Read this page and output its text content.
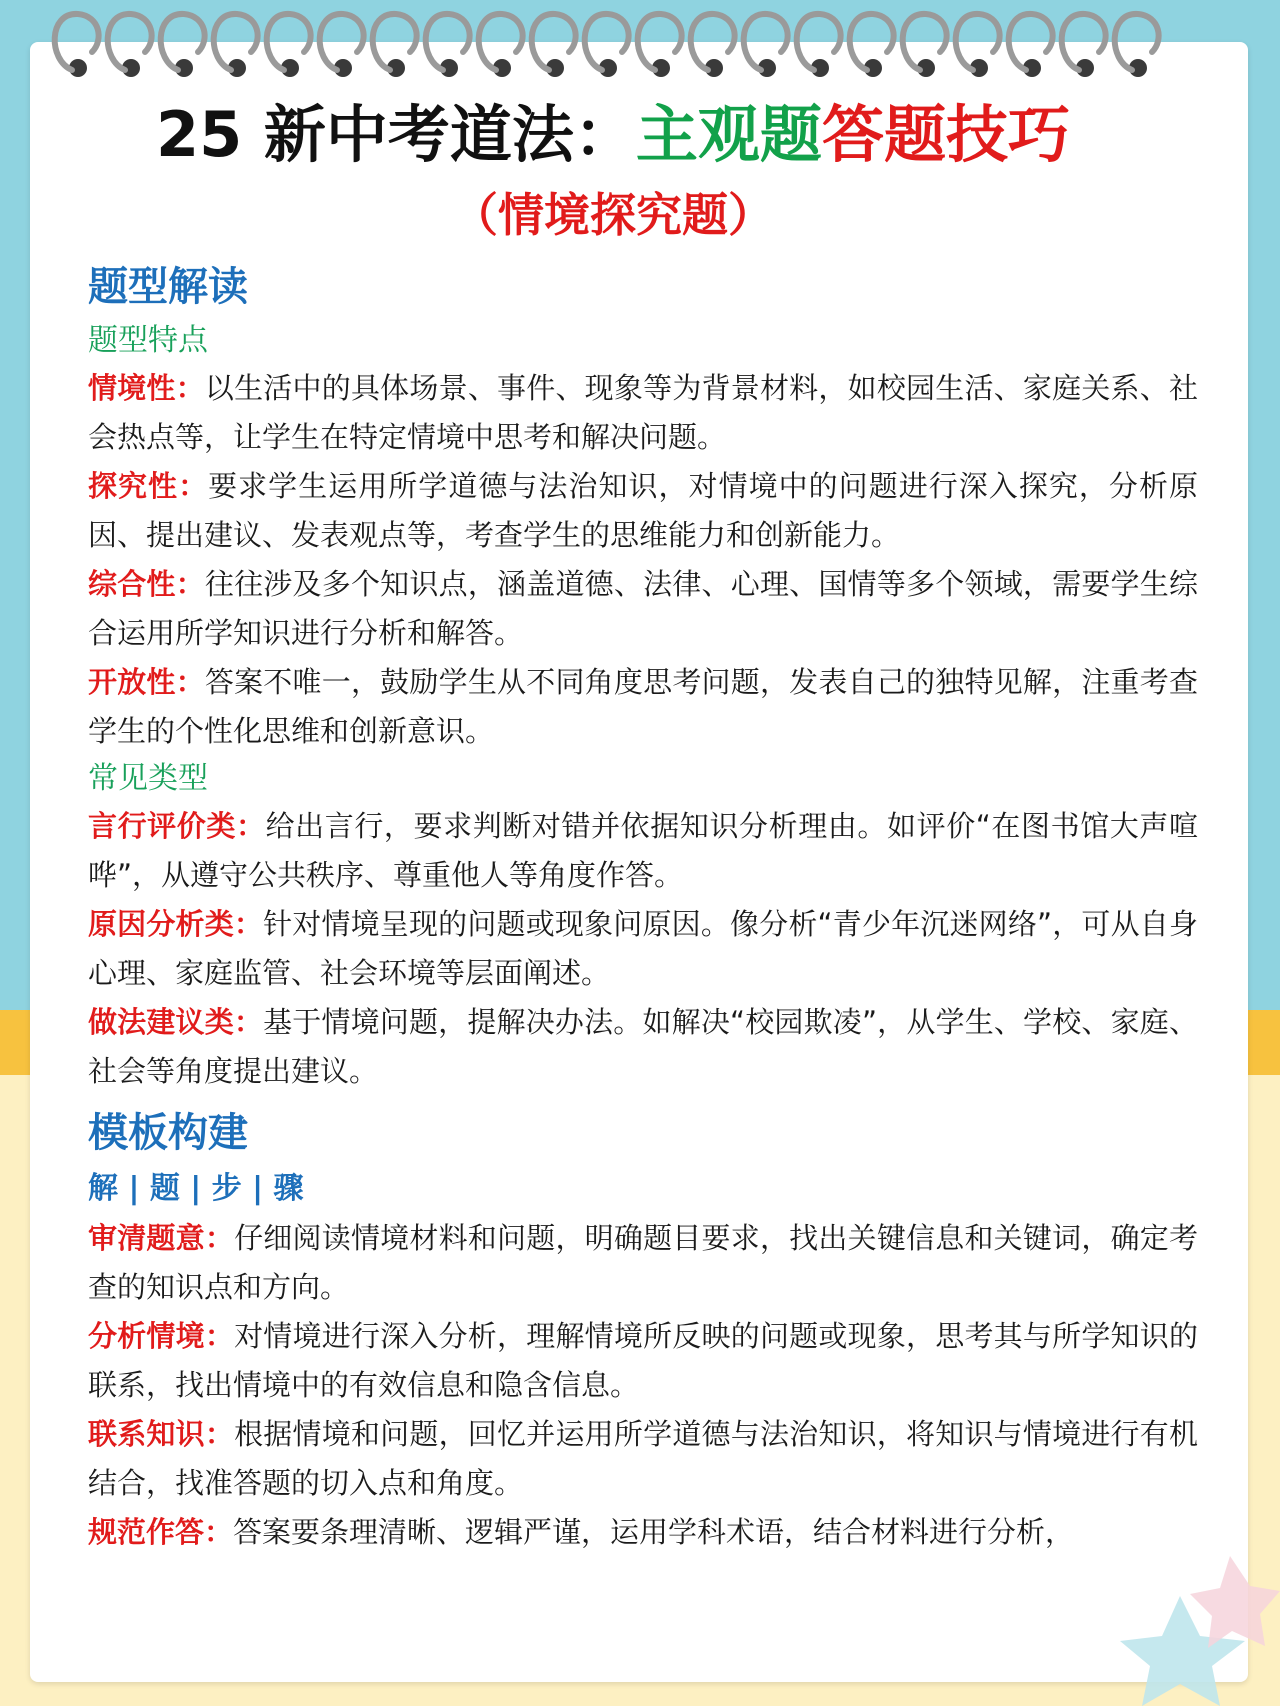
25 新中考道法：主观题答题技巧
（情境探究题）
题型解读
题型特点

情境性：以生活中的具体场景、事件、现象等为背景材料，如校园生活、家庭关系、社会热点等，让学生在特定情境中思考和解决问题。

探究性：要求学生运用所学道德与法治知识，对情境中的问题进行深入探究，分析原因、提出建议、发表观点等，考查学生的思维能力和创新能力。

综合性：往往涉及多个知识点，涵盖道德、法律、心理、国情等多个领域，需要学生综合运用所学知识进行分析和解答。

开放性：答案不唯一，鼓励学生从不同角度思考问题，发表自己的独特见解，注重考查学生的个性化思维和创新意识。

常见类型

言行评价类：给出言行，要求判断对错并依据知识分析理由。如评价“在图书馆大声喧哗”，从遵守公共秩序、尊重他人等角度作答。

原因分析类：针对情境呈现的问题或现象问原因。像分析“青少年沉迷网络”，可从自身心理、家庭监管、社会环境等层面阐述。

做法建议类：基于情境问题，提解决办法。如解决“校园欺凌”，从学生、学校、家庭、社会等角度提出建议。

模板构建
解 | 题 | 步 | 骤

审清题意：仔细阅读情境材料和问题，明确题目要求，找出关键信息和关键词，确定考查的知识点和方向。

分析情境：对情境进行深入分析，理解情境所反映的问题或现象，思考其与所学知识的联系，找出情境中的有效信息和隐含信息。

联系知识：根据情境和问题，回忆并运用所学道德与法治知识，将知识与情境进行有机结合，找准答题的切入点和角度。

规范作答：答案要条理清晰、逻辑严谨，运用学科术语，结合材料进行分析，
